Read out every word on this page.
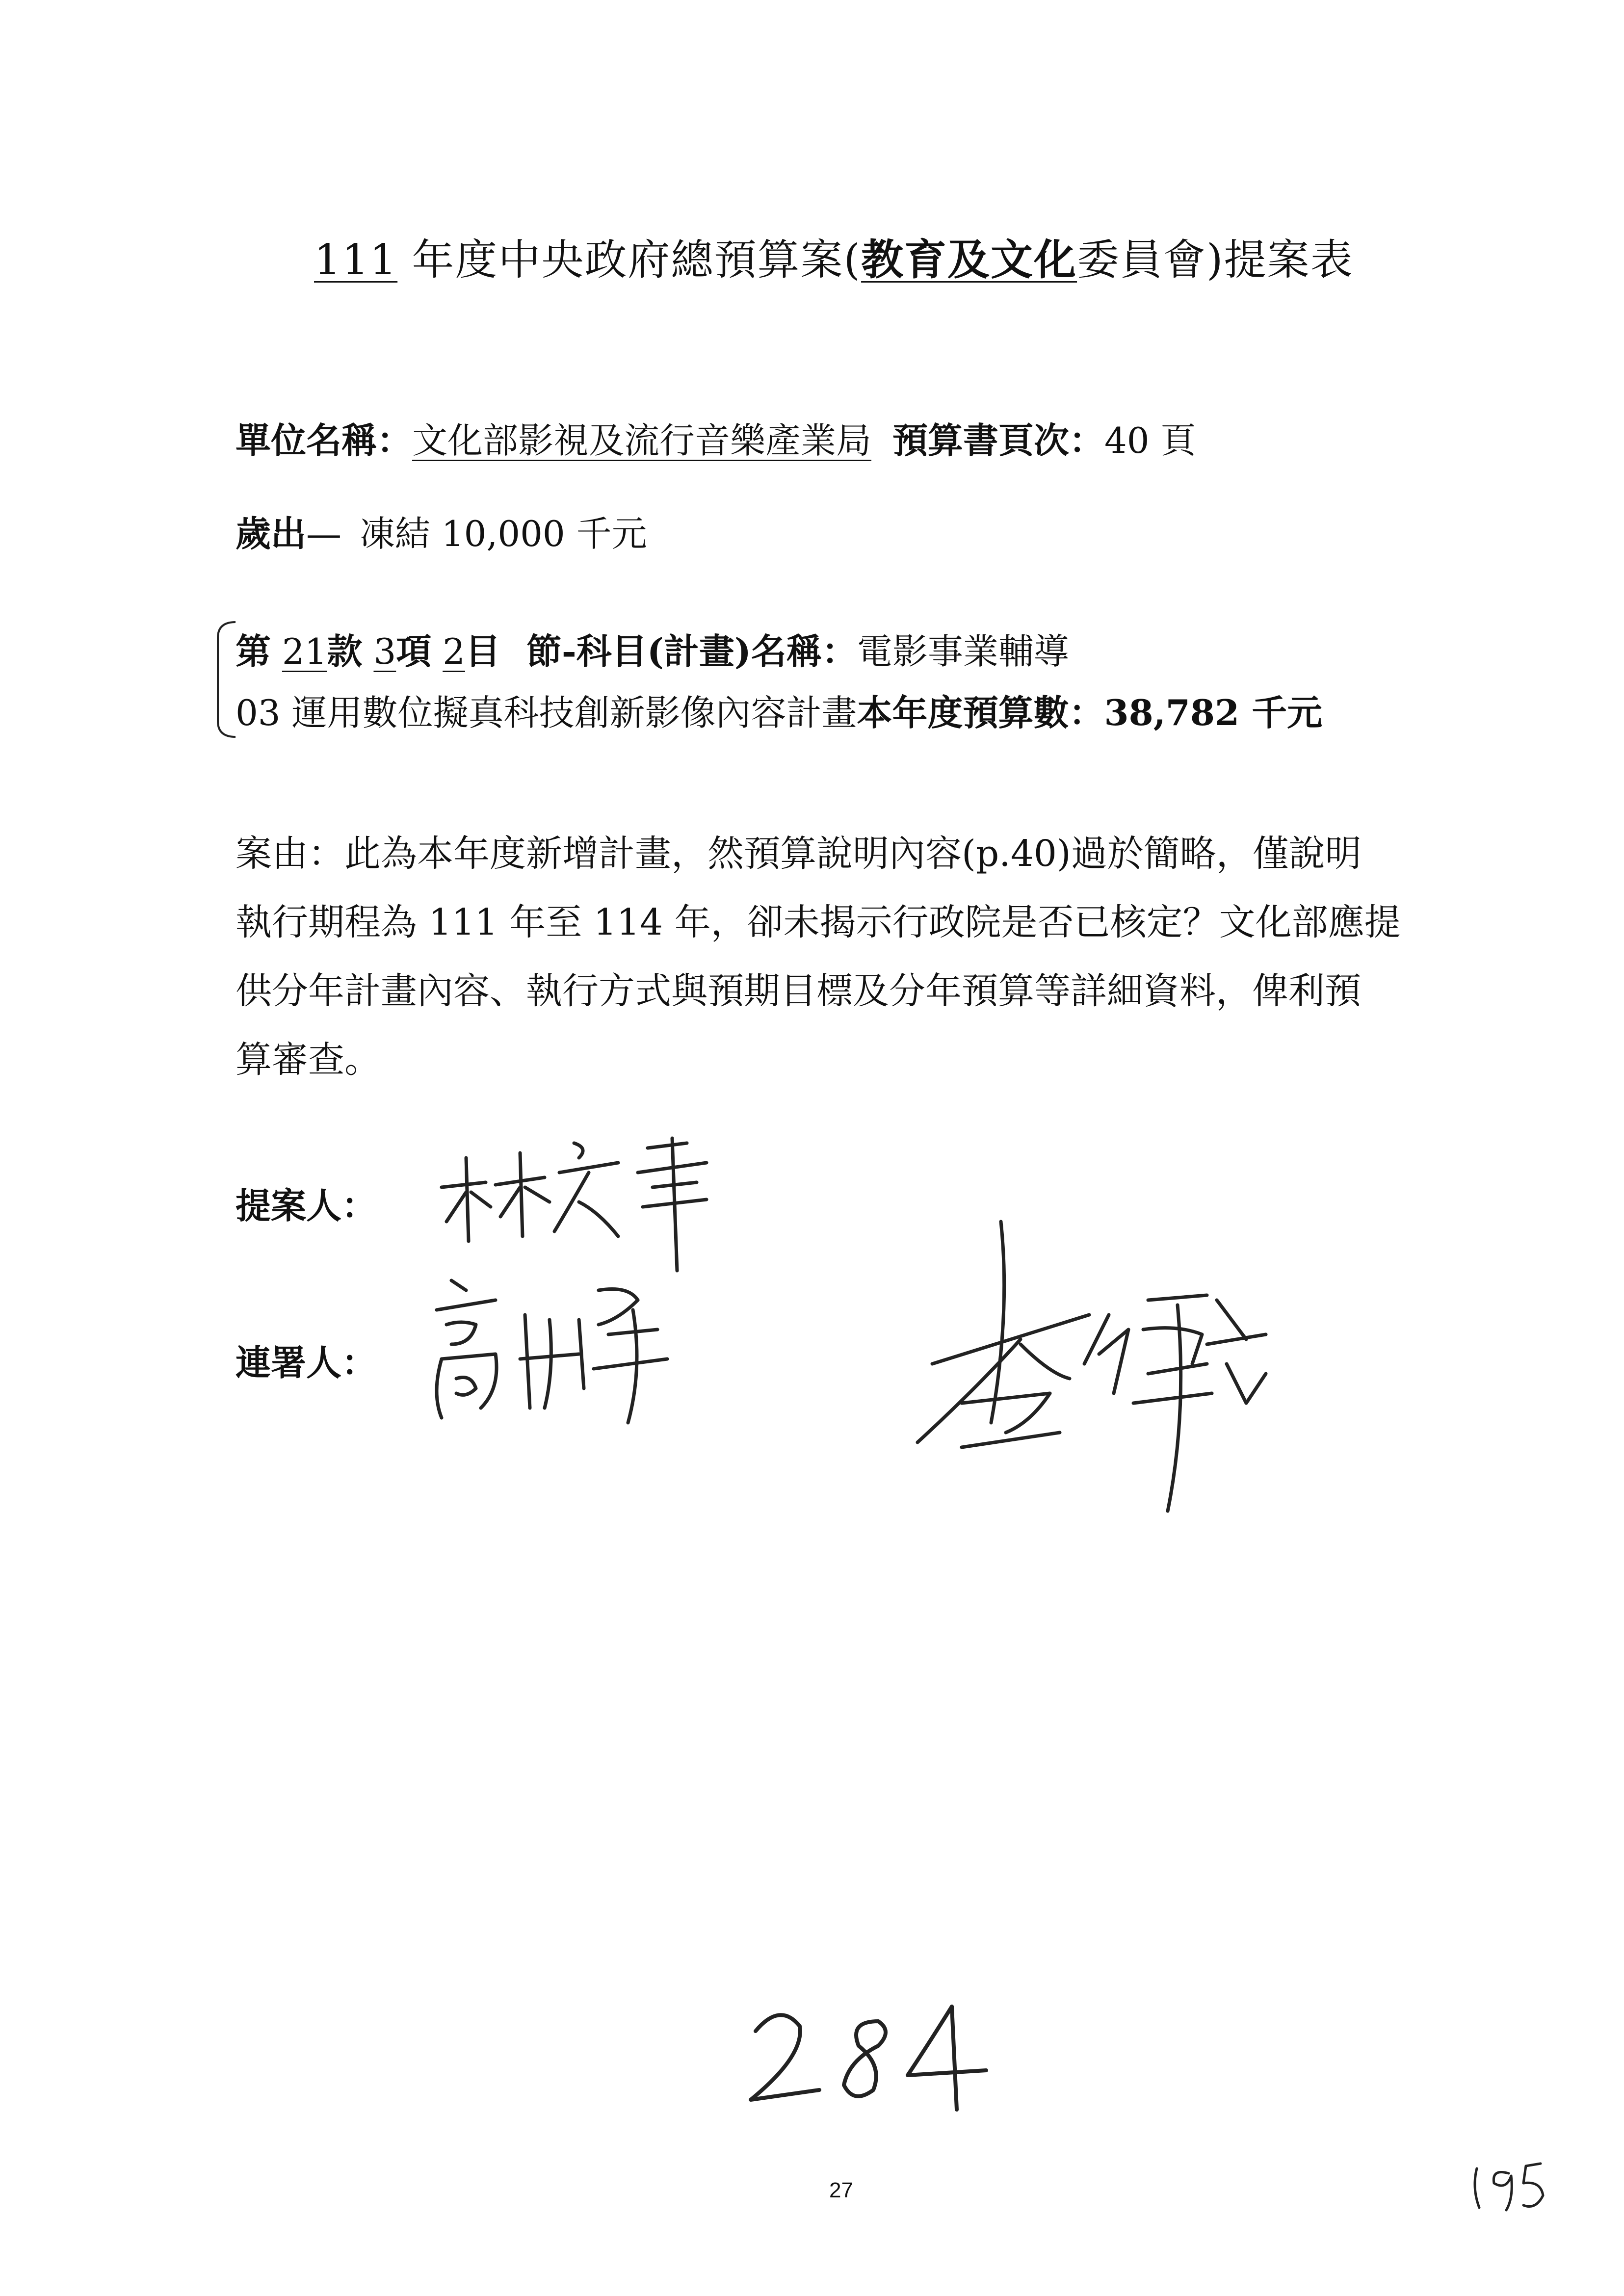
111 年度中央政府總預算案(教育及文化委員會)提案表
單位名稱：文化部影視及流行音樂產業局 預算書頁次：40 頁
歲出— 凍結 10,000 千元
第 21款 3項 2目 節-科目(計畫)名稱：電影事業輔導
03 運用數位擬真科技創新影像內容計畫本年度預算數：38,782 千元
案由：此為本年度新增計畫，然預算說明內容(p.40)過於簡略，僅說明
執行期程為 111 年至 114 年，卻未揭示行政院是否已核定？文化部應提
供分年計畫內容、執行方式與預期目標及分年預算等詳細資料，俾利預
算審查。
提案人：
連署人：
27
